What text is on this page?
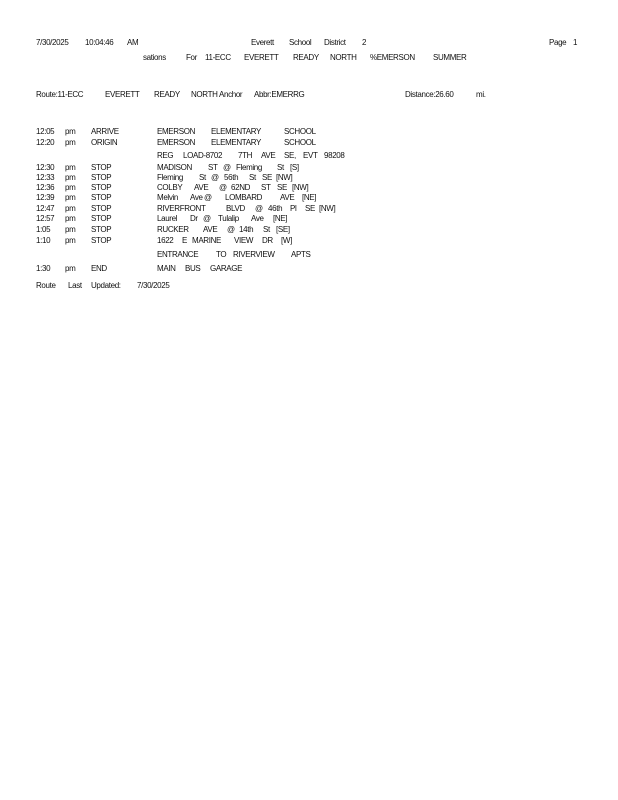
7/30/2025 10:04:46 AM	Everett School District 2	Page 1
sations	For 11-ECC EVERETT READY NORTH %EMERSON SUMMER
Route:11-ECC	EVERETT READY NORTH Anchor Abbr:EMERRG	Distance:26.60	mi.
12:05 pm ARRIVE	EMERSON ELEMENTARY	SCHOOL
12:20 pm ORIGIN	EMERSON ELEMENTARY	SCHOOL
REG LOAD-8702 7TH AVE SE, EVT 98208
12:30 pm STOP	MADISON ST @ Fleming St [S]
12:33 pm STOP	Fleming St @ 56th St SE [NW]
12:36 pm STOP	COLBY AVE @ 62ND ST SE [NW]
12:39 pm STOP	Melvin Ave @ LOMBARD AVE [NE]
12:47 pm STOP	RIVERFRONT	BLVD @ 46th Pl SE [NW]
12:57 pm STOP	Laurel Dr @ Tulalip Ave [NE]
1:05 pm STOP	RUCKER AVE @ 14th St [SE]
1:10 pm STOP	1622 E MARINE VIEW DR [W]
ENTRANCE TO RIVERVIEW APTS
1:30 pm END	MAIN BUS GARAGE
Route Last Updated: 7/30/2025
